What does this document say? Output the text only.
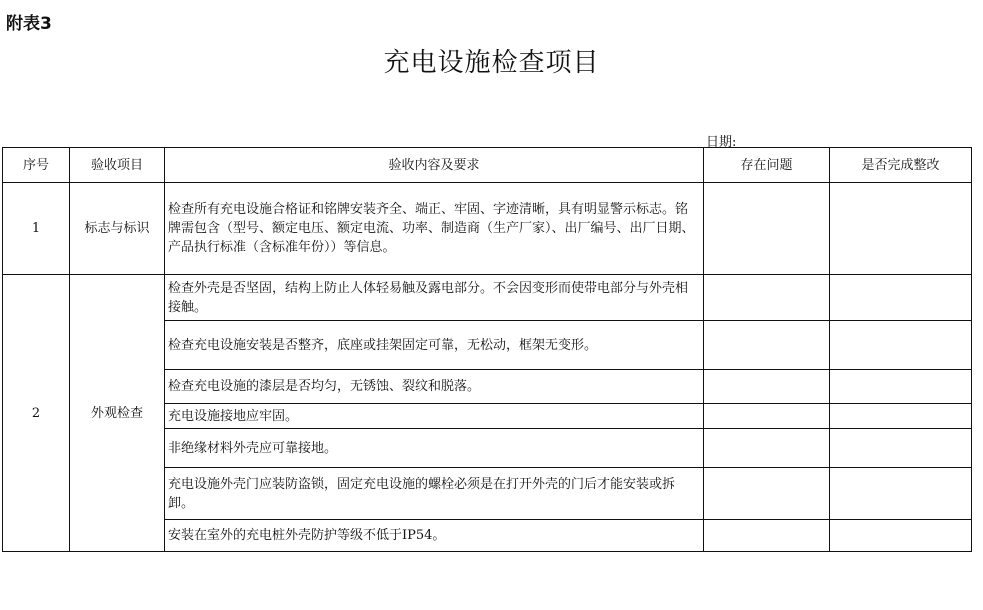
附表3
充电设施检查项目
日期:
序号	验收项目	验收内容及要求	存在问题	是否完成整改
1	标志与标识	检查所有充电设施合格证和铭牌安装齐全、端正、牢固、字迹清晰，具有明显警示标志。铭牌需包含（型号、额定电压、额定电流、功率、制造商（生产厂家）、出厂编号、出厂日期、产品执行标准（含标准年份））等信息。		
2	外观检查	检查外壳是否坚固，结构上防止人体轻易触及露电部分。不会因变形而使带电部分与外壳相接触。		
		检查充电设施安装是否整齐，底座或挂架固定可靠，无松动，框架无变形。		
		检查充电设施的漆层是否均匀，无锈蚀、裂纹和脱落。		
		充电设施接地应牢固。		
		非绝缘材料外壳应可靠接地。		
		充电设施外壳门应装防盗锁，固定充电设施的螺栓必须是在打开外壳的门后才能安装或拆卸。		
		安装在室外的充电桩外壳防护等级不低于IP54。		
